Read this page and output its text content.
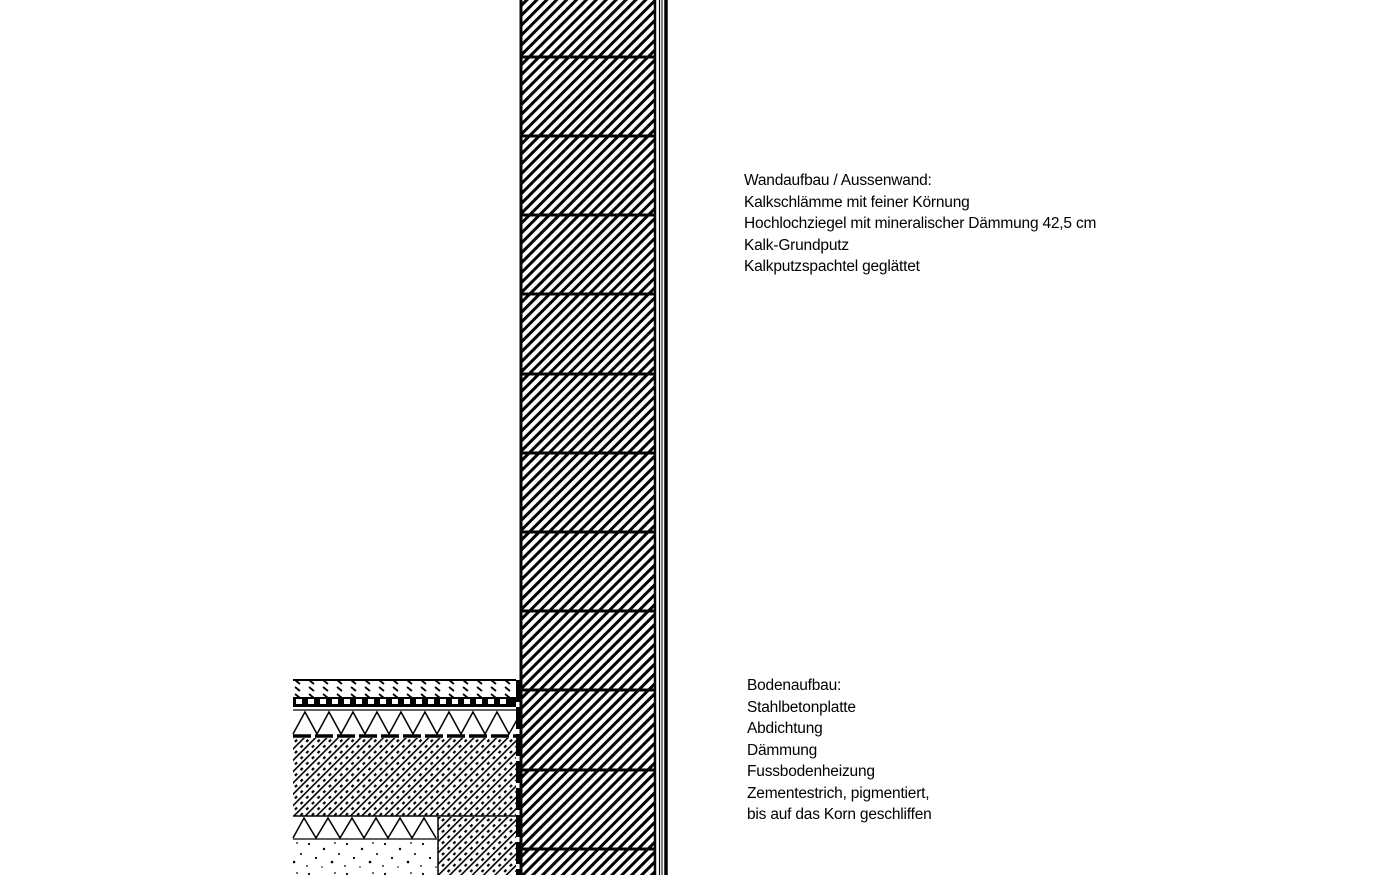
Wandaufbau / Aussenwand:
Kalkschlämme mit feiner Körnung
Hochlochziegel mit mineralischer Dämmung 42,5 cm
Kalk-Grundputz
Kalkputzspachtel geglättet
Bodenaufbau:
Stahlbetonplatte
Abdichtung
Dämmung
Fussbodenheizung
Zementestrich, pigmentiert,
bis auf das Korn geschliffen
